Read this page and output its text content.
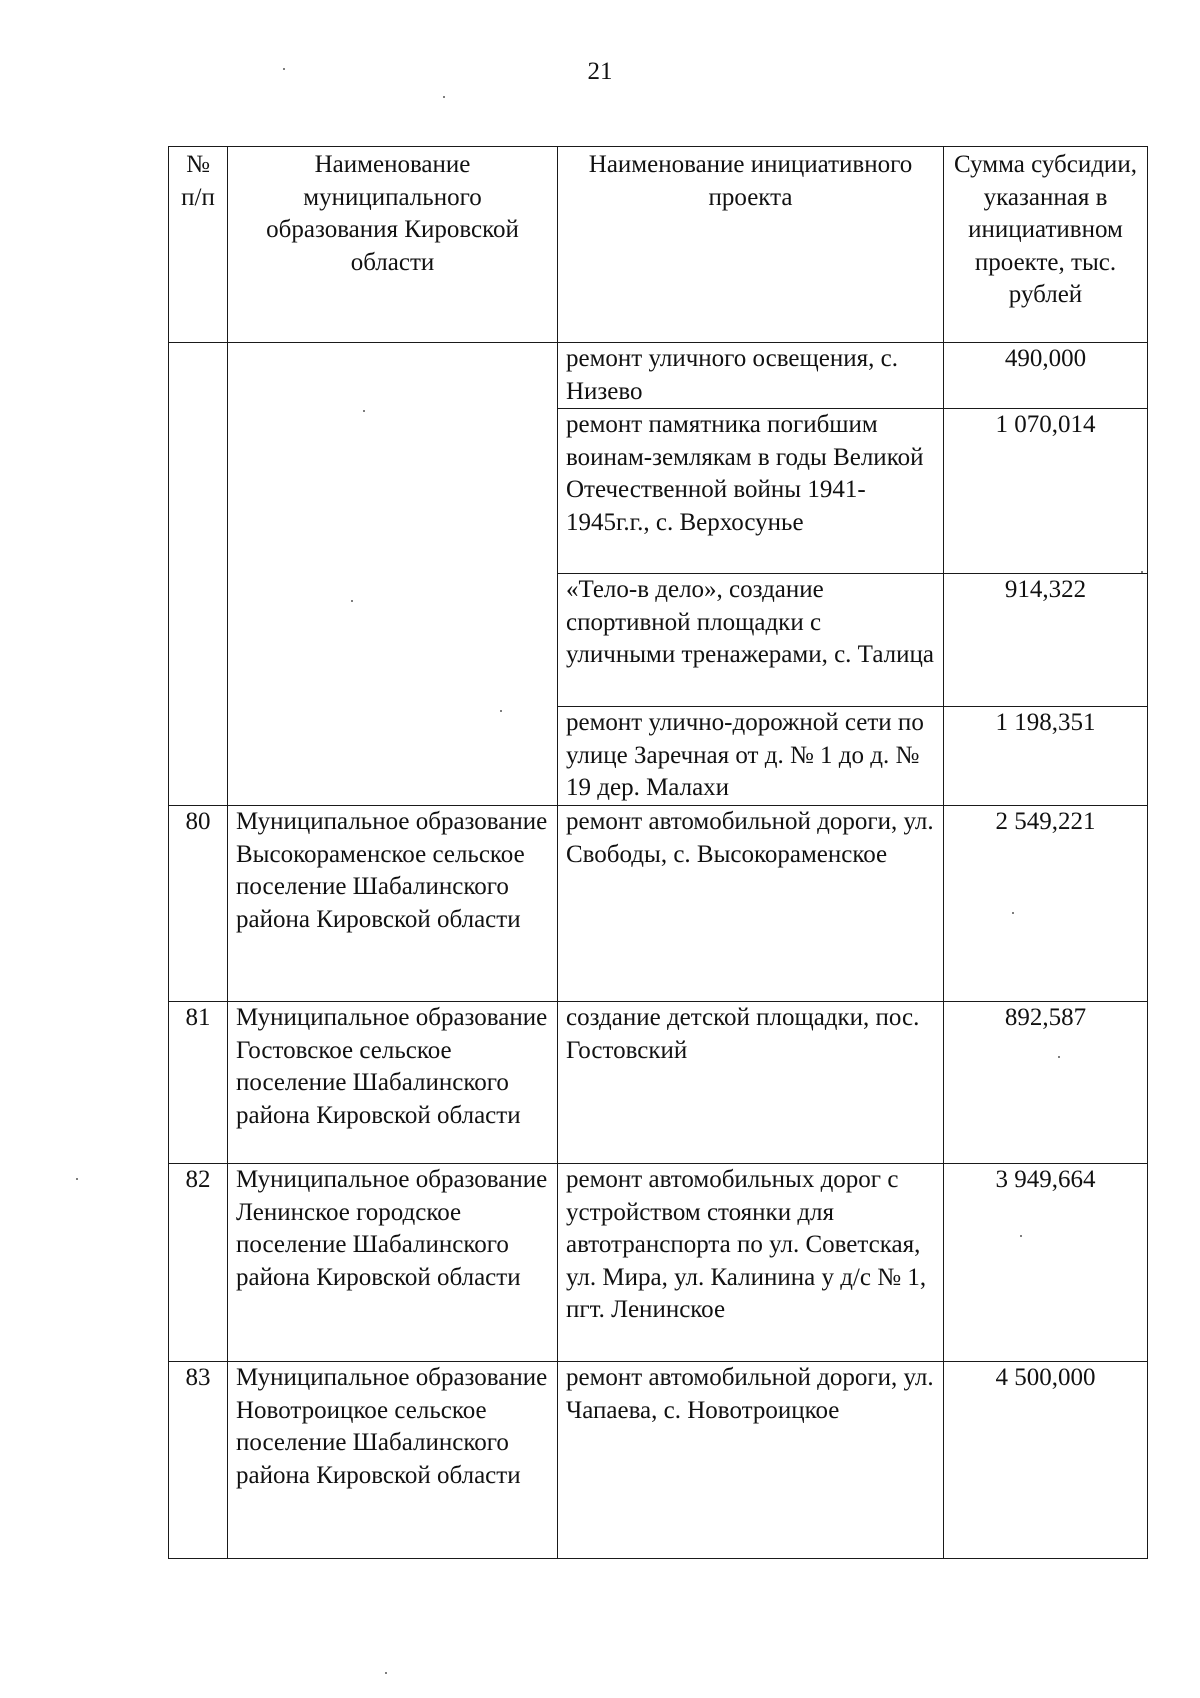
21
№ п/п	Наименование муниципального образования Кировской области	Наименование инициативного проекта	Сумма субсидии, указанная в инициативном проекте, тыс. рублей
		ремонт уличного освещения, с. Низево	490,000
		ремонт памятника погибшим воинам-землякам в годы Великой Отечественной войны 1941-1945г.г., с. Верхосунье	1 070,014
		«Тело-в дело», создание спортивной площадки с уличными тренажерами, с. Талица	914,322
		ремонт улично-дорожной сети по улице Заречная от д. № 1 до д. № 19 дер. Малахи	1 198,351
80	Муниципальное образование Высокораменское сельское поселение Шабалинского района Кировской области	ремонт автомобильной дороги, ул. Свободы, с. Высокораменское	2 549,221
81	Муниципальное образование Гостовское сельское поселение Шабалинского района Кировской области	создание детской площадки, пос. Гостовский	892,587
82	Муниципальное образование Ленинское городское поселение Шабалинского района Кировской области	ремонт автомобильных дорог с устройством стоянки для автотранспорта по ул. Советская, ул. Мира, ул. Калинина у д/с № 1, пгт. Ленинское	3 949,664
83	Муниципальное образование Новотроицкое сельское поселение Шабалинского района Кировской области	ремонт автомобильной дороги, ул. Чапаева, с. Новотроицкое	4 500,000
